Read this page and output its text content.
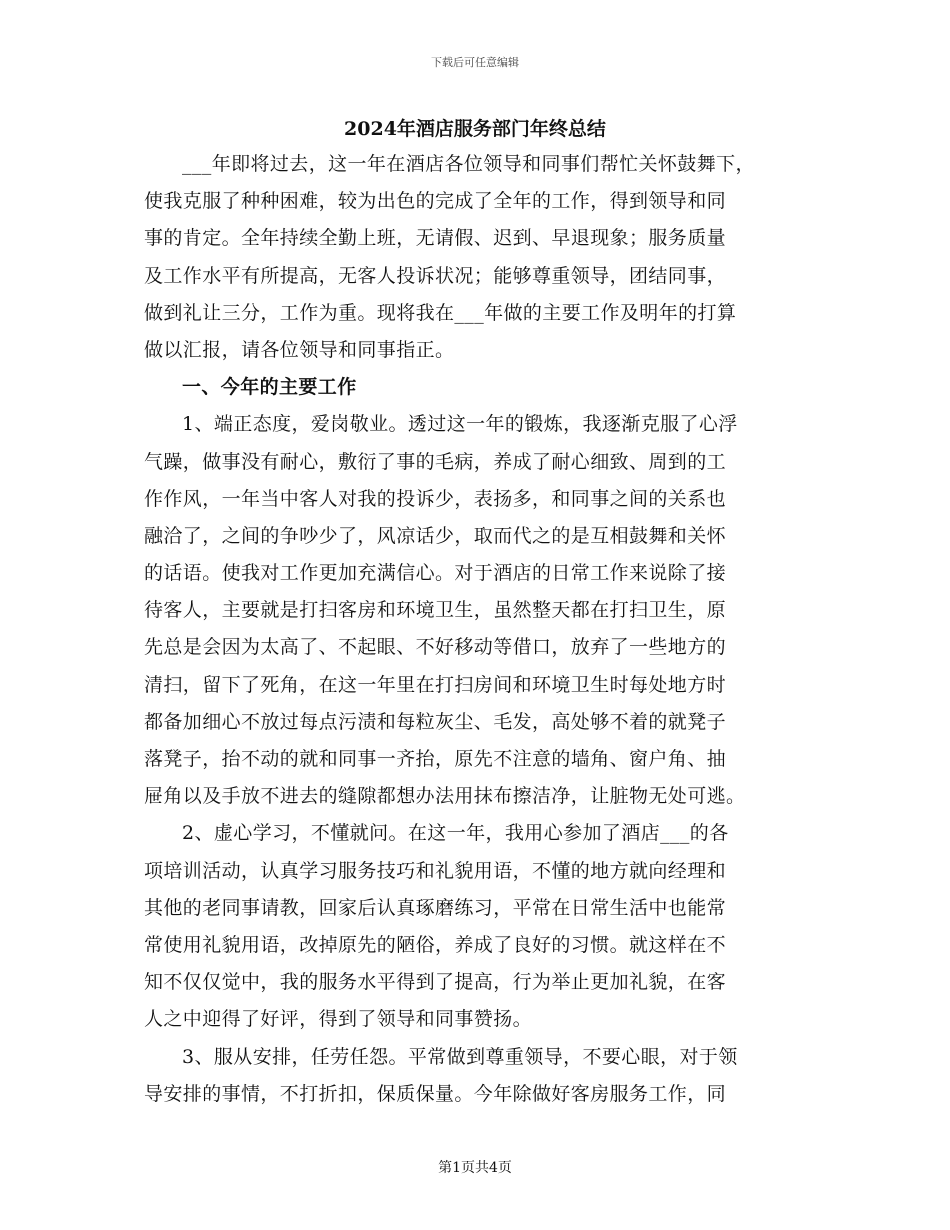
下载后可任意编辑
2024年酒店服务部门年终总结
___年即将过去，这一年在酒店各位领导和同事们帮忙关怀鼓舞下，
使我克服了种种困难，较为出色的完成了全年的工作，得到领导和同
事的肯定。全年持续全勤上班，无请假、迟到、早退现象；服务质量
及工作水平有所提高，无客人投诉状况；能够尊重领导，团结同事，
做到礼让三分，工作为重。现将我在___年做的主要工作及明年的打算
做以汇报，请各位领导和同事指正。
一、今年的主要工作
1、端正态度，爱岗敬业。透过这一年的锻炼，我逐渐克服了心浮
气躁，做事没有耐心，敷衍了事的毛病，养成了耐心细致、周到的工
作作风，一年当中客人对我的投诉少，表扬多，和同事之间的关系也
融洽了，之间的争吵少了，风凉话少，取而代之的是互相鼓舞和关怀
的话语。使我对工作更加充满信心。对于酒店的日常工作来说除了接
待客人，主要就是打扫客房和环境卫生，虽然整天都在打扫卫生，原
先总是会因为太高了、不起眼、不好移动等借口，放弃了一些地方的
清扫，留下了死角，在这一年里在打扫房间和环境卫生时每处地方时
都备加细心不放过每点污渍和每粒灰尘、毛发，高处够不着的就凳子
落凳子，抬不动的就和同事一齐抬，原先不注意的墙角、窗户角、抽
屉角以及手放不进去的缝隙都想办法用抹布擦洁净，让脏物无处可逃。
2、虚心学习，不懂就问。在这一年，我用心参加了酒店___的各
项培训活动，认真学习服务技巧和礼貌用语，不懂的地方就向经理和
其他的老同事请教，回家后认真琢磨练习，平常在日常生活中也能常
常使用礼貌用语，改掉原先的陋俗，养成了良好的习惯。就这样在不
知不仅仅觉中，我的服务水平得到了提高，行为举止更加礼貌，在客
人之中迎得了好评，得到了领导和同事赞扬。
3、服从安排，任劳任怨。平常做到尊重领导，不要心眼，对于领
导安排的事情，不打折扣，保质保量。今年除做好客房服务工作，同
第1页共4页
